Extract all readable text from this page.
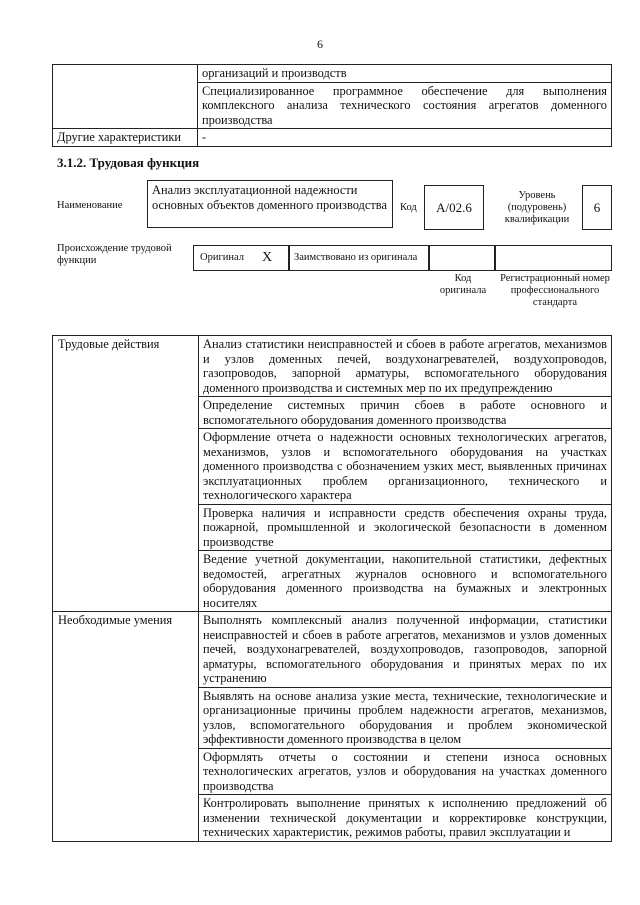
6
	организаций и производств
	Специализированное программное обеспечение для выполнения комплексного анализа технического состояния агрегатов доменного производства
Другие характеристики	-
3.1.2. Трудовая функция
Наименование
Анализ эксплуатационной надежности основных объектов доменного производства	Код	A/02.6
Уровень (подуровень) квалификации
6
Происхождение трудовой функции	Оригинал X	Заимствовано из оригинала
Код оригинала
Регистрационный номер профессионального стандарта
Трудовые действия	Анализ статистики неисправностей и сбоев в работе агрегатов, механизмов и узлов доменных печей, воздухонагревателей, воздухопроводов, газопроводов, запорной арматуры, вспомогательного оборудования доменного производства и системных мер по их предупреждению
	Определение системных причин сбоев в работе основного и вспомогательного оборудования доменного производства
	Оформление отчета о надежности основных технологических агрегатов, механизмов, узлов и вспомогательного оборудования на участках доменного производства с обозначением узких мест, выявленных причинах эксплуатационных проблем организационного, технического и технологического характера
	Проверка наличия и исправности средств обеспечения охраны труда, пожарной, промышленной и экологической безопасности в доменном производстве
	Ведение учетной документации, накопительной статистики, дефектных ведомостей, агрегатных журналов основного и вспомогательного оборудования доменного производства на бумажных и электронных носителях
Необходимые умения	Выполнять комплексный анализ полученной информации, статистики неисправностей и сбоев в работе агрегатов, механизмов и узлов доменных печей, воздухонагревателей, воздухопроводов, газопроводов, запорной арматуры, вспомогательного оборудования и принятых мерах по их устранению
	Выявлять на основе анализа узкие места, технические, технологические и организационные причины проблем надежности агрегатов, механизмов, узлов, вспомогательного оборудования и проблем экономической эффективности доменного производства в целом
	Оформлять отчеты о состоянии и степени износа основных технологических агрегатов, узлов и оборудования на участках доменного производства
	Контролировать выполнение принятых к исполнению предложений об изменении технической документации и корректировке конструкции, технических характеристик, режимов работы, правил эксплуатации и
